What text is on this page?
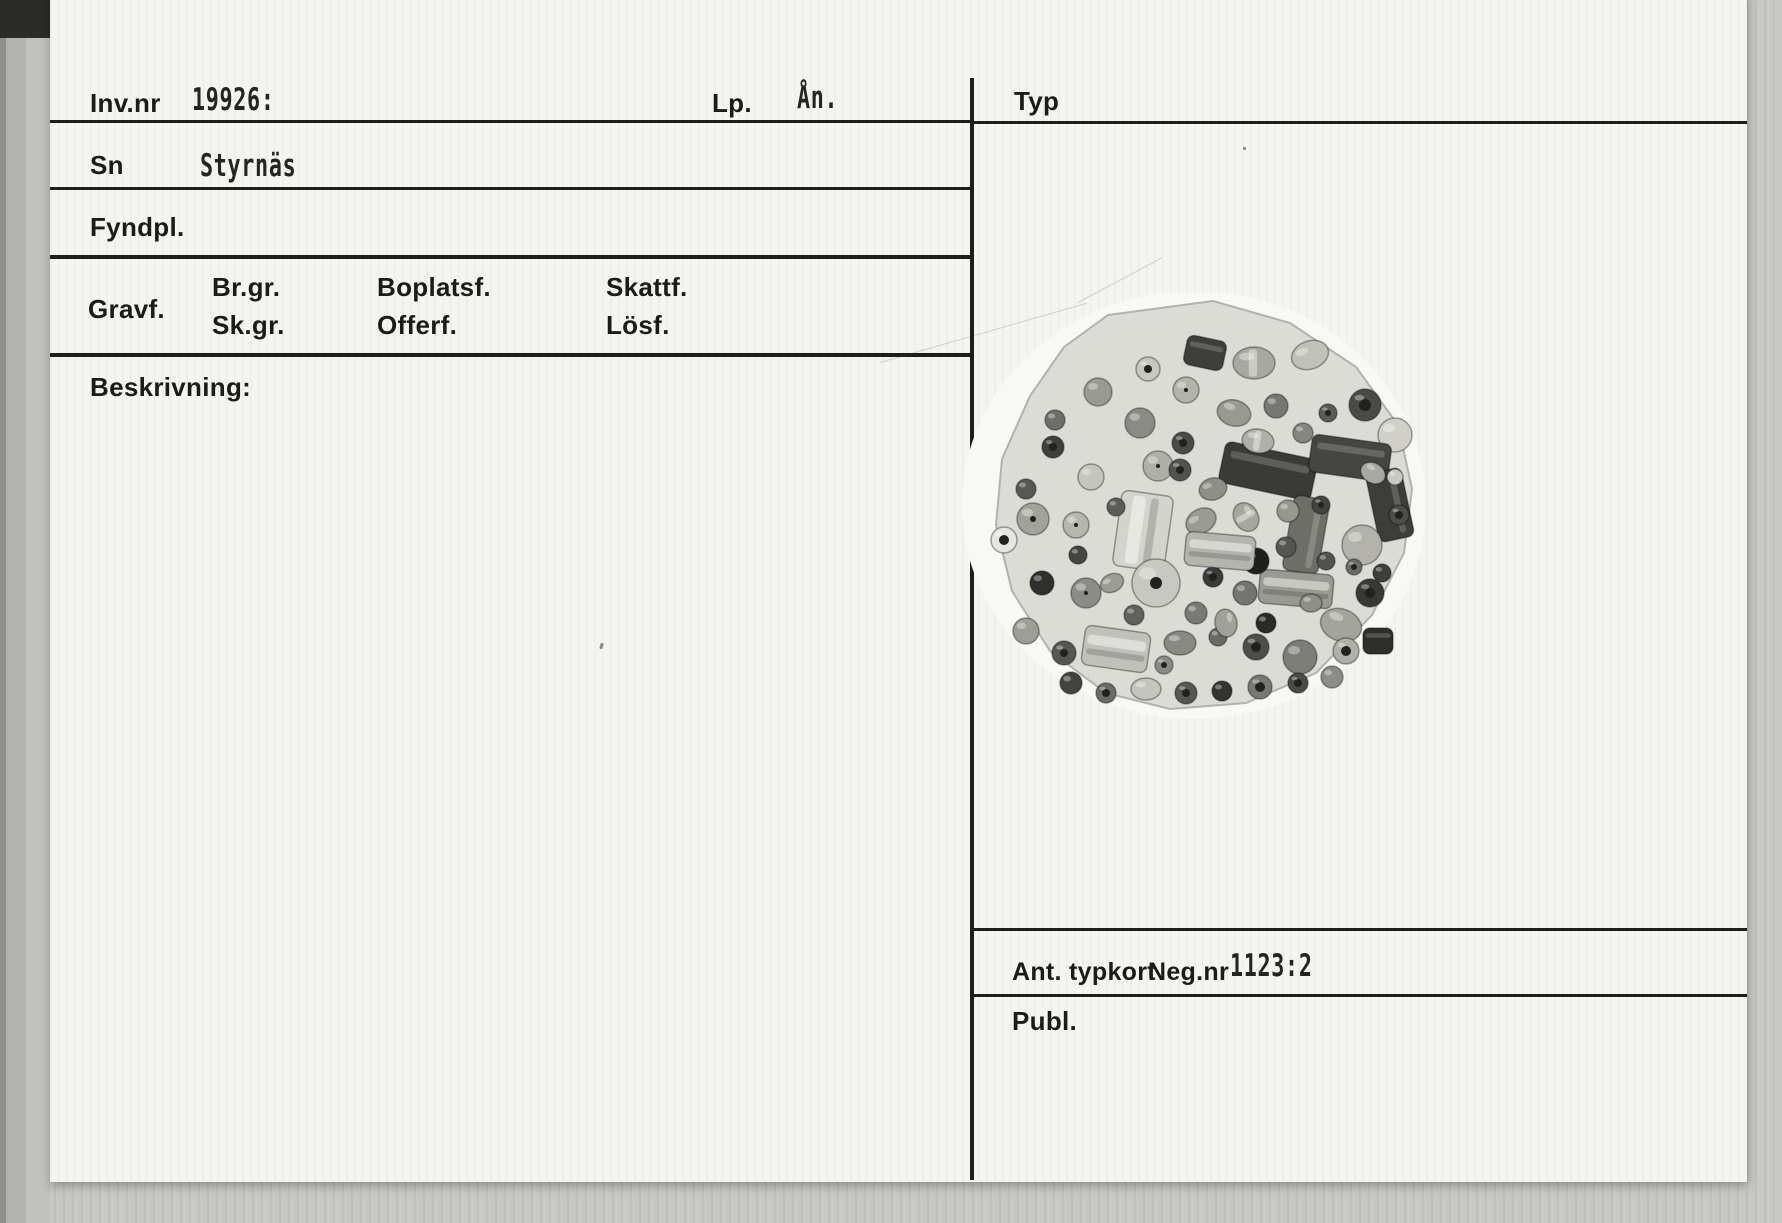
Inv.nr 19926:	Lp. Ån.
Sn Styrnäs
Fyndpl.
Gravf.
Br.gr.
Sk.gr.
Boplatsf.
Offerf.
Skattf.
Lösf.
Beskrivning:
Typ
Ant. typkort
Neg.nr 1123:2
Publ.
